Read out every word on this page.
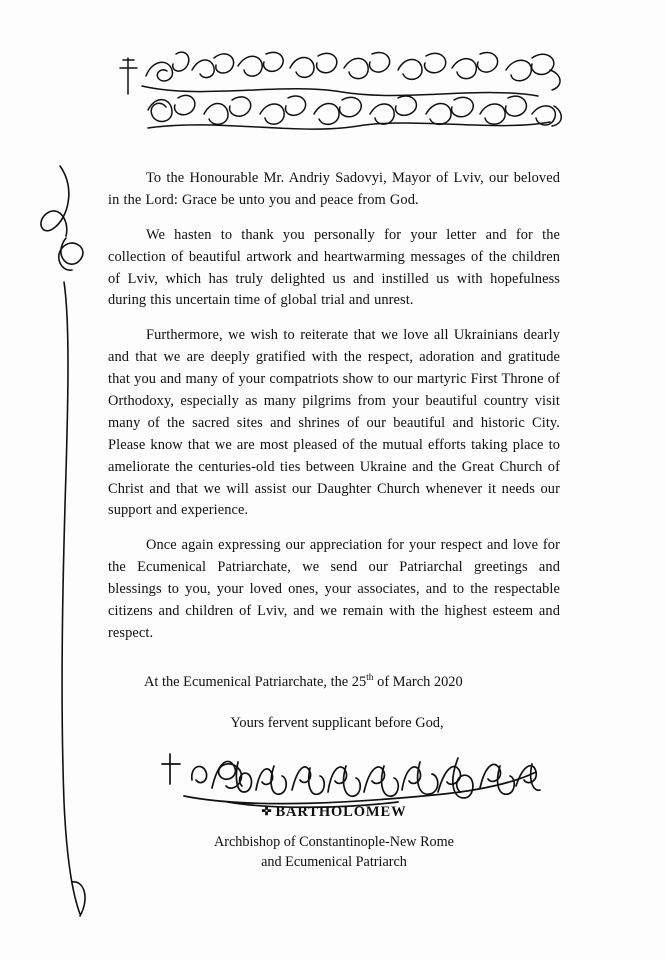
To the Honourable Mr. Andriy Sadovyi, Mayor of Lviv, our beloved in the Lord: Grace be unto you and peace from God.

We hasten to thank you personally for your letter and for the collection of beautiful artwork and heartwarming messages of the children of Lviv, which has truly delighted us and instilled us with hopefulness during this uncertain time of global trial and unrest.

Furthermore, we wish to reiterate that we love all Ukrainians dearly and that we are deeply gratified with the respect, adoration and gratitude that you and many of your compatriots show to our martyric First Throne of Orthodoxy, especially as many pilgrims from your beautiful country visit many of the sacred sites and shrines of our beautiful and historic City. Please know that we are most pleased of the mutual efforts taking place to ameliorate the centuries-old ties between Ukraine and the Great Church of Christ and that we will assist our Daughter Church whenever it needs our support and experience.

Once again expressing our appreciation for your respect and love for the Ecumenical Patriarchate, we send our Patriarchal greetings and blessings to you, your loved ones, your associates, and to the respectable citizens and children of Lviv, and we remain with the highest esteem and respect.

At the Ecumenical Patriarchate, the 25th of March 2020

Yours fervent supplicant before God,

✜ BARTHOLOMEW

Archbishop of Constantinople-New Rome
and Ecumenical Patriarch
